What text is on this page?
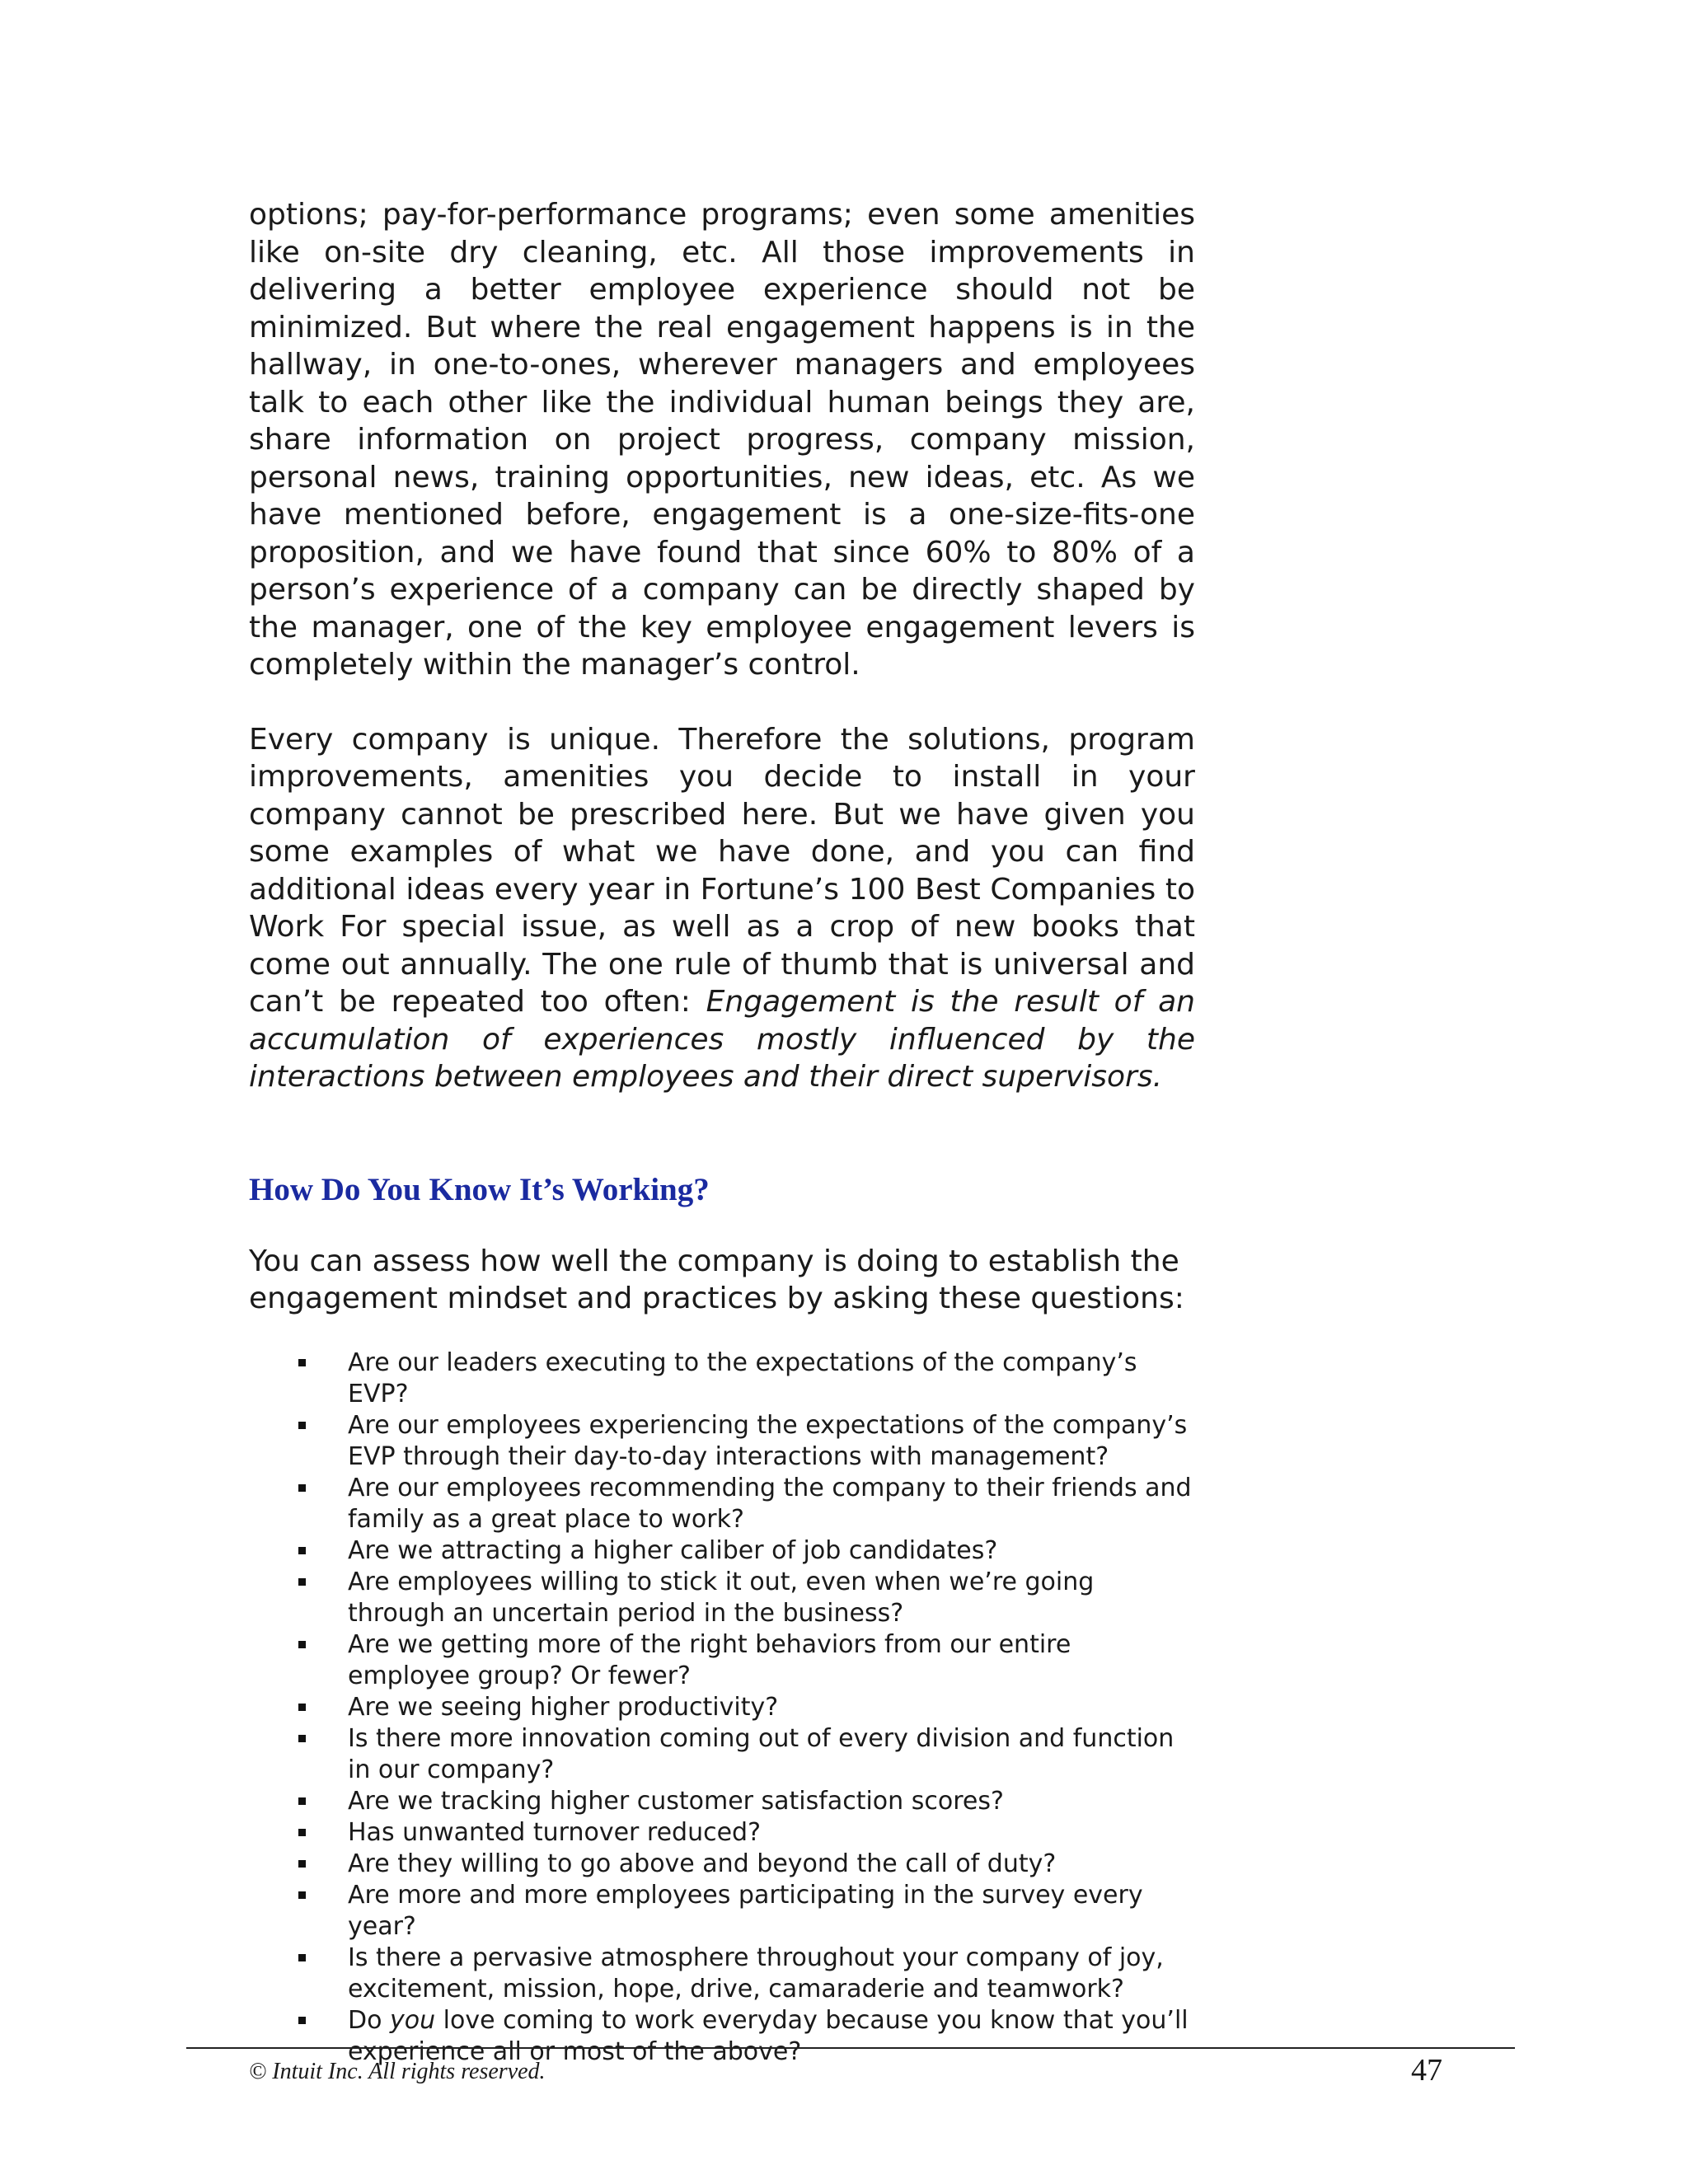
options; pay-for-performance programs; even some amenities like on-site dry cleaning, etc. All those improvements in delivering a better employee experience should not be minimized. But where the real engagement happens is in the hallway, in one-to-ones, wherever managers and employees talk to each other like the individual human beings they are, share information on project progress, company mission, personal news, training opportunities, new ideas, etc. As we have mentioned before, engagement is a one-size-fits-one proposition, and we have found that since 60% to 80% of a person’s experience of a company can be directly shaped by the manager, one of the key employee engagement levers is completely within the manager’s control.

Every company is unique. Therefore the solutions, program improvements, amenities you decide to install in your company cannot be prescribed here. But we have given you some examples of what we have done, and you can find additional ideas every year in Fortune’s 100 Best Companies to Work For special issue, as well as a crop of new books that come out annually. The one rule of thumb that is universal and can’t be repeated too often: Engagement is the result of an accumulation of experiences mostly influenced by the interactions between employees and their direct supervisors.

How Do You Know It’s Working?

You can assess how well the company is doing to establish the engagement mindset and practices by asking these questions:

Are our leaders executing to the expectations of the company’s EVP?
Are our employees experiencing the expectations of the company’s EVP through their day-to-day interactions with management?
Are our employees recommending the company to their friends and family as a great place to work?
Are we attracting a higher caliber of job candidates?
Are employees willing to stick it out, even when we’re going through an uncertain period in the business?
Are we getting more of the right behaviors from our entire employee group? Or fewer?
Are we seeing higher productivity?
Is there more innovation coming out of every division and function in our company?
Are we tracking higher customer satisfaction scores?
Has unwanted turnover reduced?
Are they willing to go above and beyond the call of duty?
Are more and more employees participating in the survey every year?
Is there a pervasive atmosphere throughout your company of joy, excitement, mission, hope, drive, camaraderie and teamwork?
Do you love coming to work everyday because you know that you’ll experience all or most of the above?
© Intuit Inc. All rights reserved.	47
